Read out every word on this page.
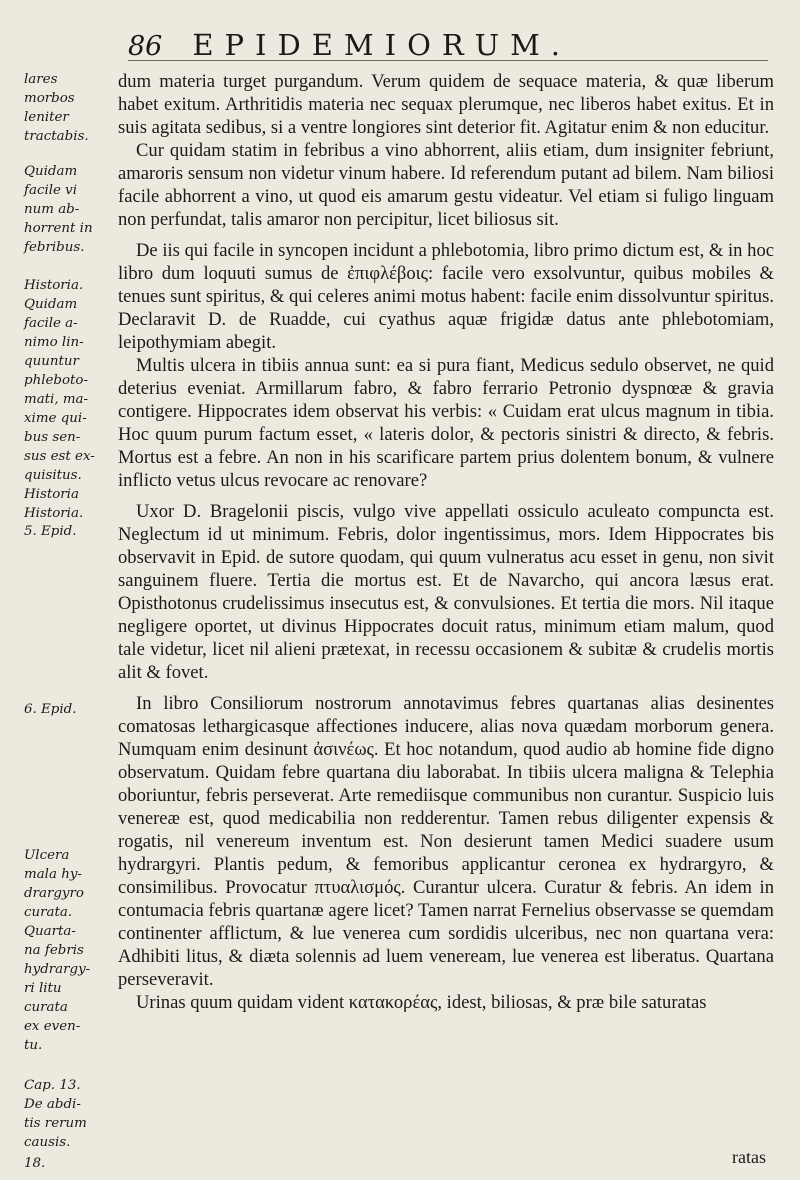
86 EPIDEMIORUM.
lares
morbos
leniter
tractabis.
Quidam
facile vi
num ab-
horrent in
febribus.
Historia.
Quidam
facile a-
nimo lin-
quuntur
phleboto-
mati, ma-
xime qui-
bus sen-
sus est ex-
quisitus.
Historia
Historia.
5. Epid.
6. Epid.
Ulcera
mala hy-
drargyro
curata.
Quarta-
na febris
hydrargy-
ri litu
curata
ex even-
tu.
Cap. 13.
De abdi-
tis rerum
causis.
18.

dum materia turget purgandum. Verum quidem de sequace materia, & quæ liberum habet exitum. Arthritidis materia nec sequax plerumque, nec liberos habet exitus. Et in suis agitata sedibus, si a ventre longiores sint deterior fit. Agitatur enim & non educitur.

Cur quidam statim in febribus a vino abhorrent, aliis etiam, dum insigniter febriunt, amaroris sensum non videtur vinum habere. Id referendum putant ad bilem. Nam biliosi facile abhorrent a vino, ut quod eis amarum gestu videatur. Vel etiam si fuligo linguam non perfundat, talis amaror non percipitur, licet biliosus sit.

De iis qui facile in syncopen incidunt a phlebotomia, libro primo dictum est, & in hoc libro dum loquuti sumus de ἐπιφλέβοις: facile vero exsolvuntur, quibus mobiles & tenues sunt spiritus, & qui celeres animi motus habent: facile enim dissolvuntur spiritus. Declaravit D. de Ruadde, cui cyathus aquæ frigidæ datus ante phlebotomiam, leipothymiam abegit.

Multis ulcera in tibiis annua sunt: ea si pura fiant, Medicus sedulo observet, ne quid deterius eveniat. Armillarum fabro, & fabro ferrario Petronio dyspnœæ & gravia contigere. Hippocrates idem observat his verbis: « Cuidam erat ulcus magnum in tibia. Hoc quum purum factum esset, « lateris dolor, & pectoris sinistri & directo, & febris. Mortus est a febre. An non in his scarificare partem prius dolentem bonum, & vulnere inflicto vetus ulcus revocare ac renovare?

Uxor D. Bragelonii piscis, vulgo vive appellati ossiculo aculeato compuncta est. Neglectum id ut minimum. Febris, dolor ingentissimus, mors. Idem Hippocrates bis observavit in Epid. de sutore quodam, qui quum vulneratus acu esset in genu, non sivit sanguinem fluere. Tertia die mortus est. Et de Navarcho, qui ancora læsus erat. Opisthotonus crudelissimus insecutus est, & convulsiones. Et tertia die mors. Nil itaque negligere oportet, ut divinus Hippocrates docuit ratus, minimum etiam malum, quod tale videtur, licet nil alieni prætexat, in recessu occasionem & subitæ & crudelis mortis alit & fovet.

In libro Consiliorum nostrorum annotavimus febres quartanas alias desinentes comatosas lethargicasque affectiones inducere, alias nova quædam morborum genera. Numquam enim desinunt ἀσινέως. Et hoc notandum, quod audio ab homine fide digno observatum. Quidam febre quartana diu laborabat. In tibiis ulcera maligna & Telephia oboriuntur, febris perseverat. Arte remediisque communibus non curantur. Suspicio luis venereæ est, quod medicabilia non redderentur. Tamen rebus diligenter expensis & rogatis, nil venereum inventum est. Non desierunt tamen Medici suadere usum hydrargyri. Plantis pedum, & femoribus applicantur ceronea ex hydrargyro, & consimilibus. Provocatur πτυαλισμός. Curantur ulcera. Curatur & febris. An idem in contumacia febris quartanæ agere licet? Tamen narrat Fernelius observasse se quemdam continenter afflictum, & lue venerea cum sordidis ulceribus, nec non quartana vera: Adhibiti litus, & diæta solennis ad luem veneream, lue venerea est liberatus. Quartana perseveravit.

Urinas quum quidam vident κατακορέας, idest, biliosas, & præ bile saturatas

ratas
